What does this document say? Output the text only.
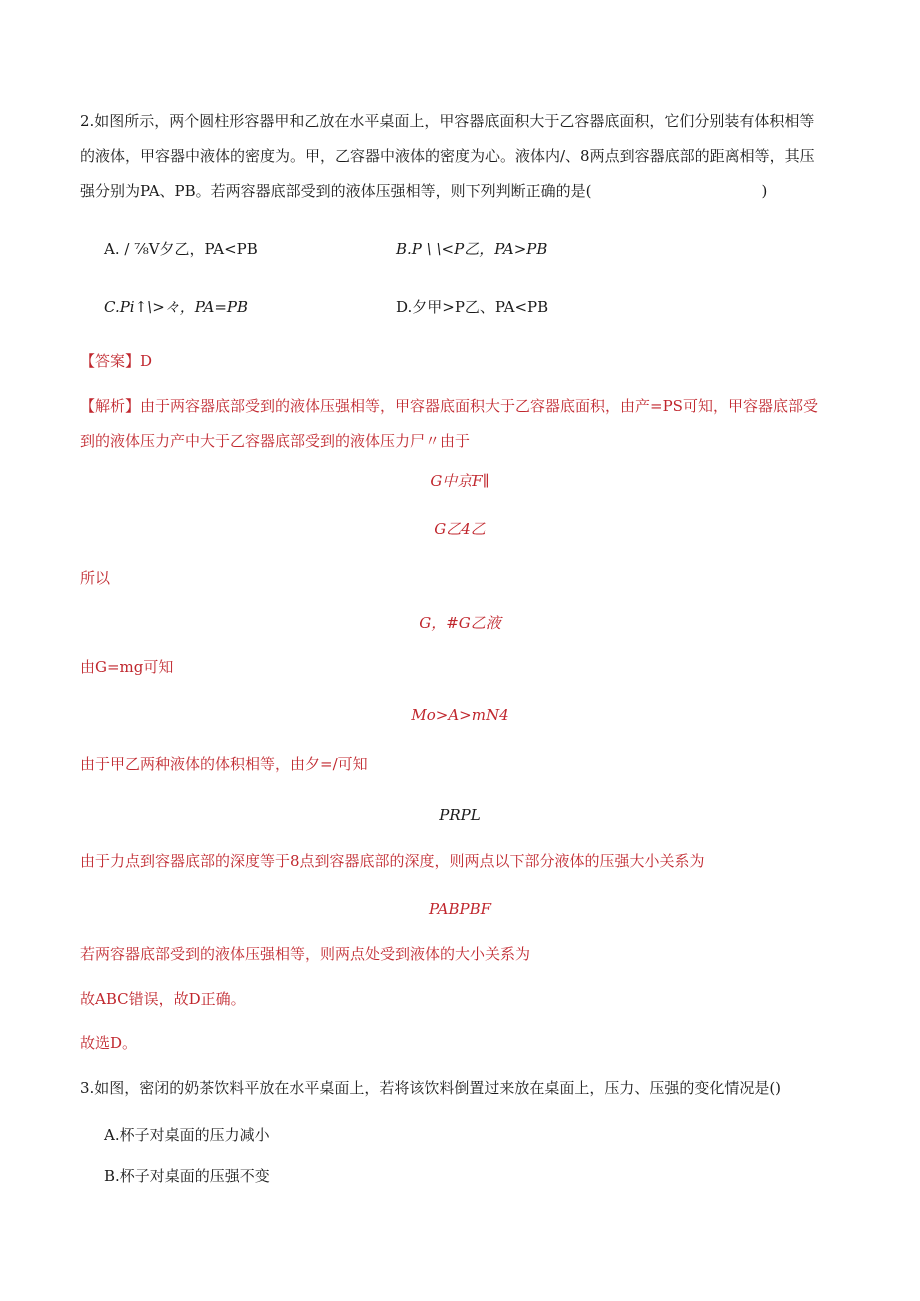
2.如图所示，两个圆柱形容器甲和乙放在水平桌面上，甲容器底面积大于乙容器底面积，它们分别装有体积相等
的液体，甲容器中液体的密度为。甲，乙容器中液体的密度为心。液体内/、8两点到容器底部的距离相等，其压
强分别为PA、PB。若两容器底部受到的液体压强相等，则下列判断正确的是(	)
A. / ⅞V夕乙，PA<PB	B.P \ \<P乙，PA>PB
C.Pi↑\>々，PA=PB	D.夕甲>P乙、PA<PB
【答案】D
【解析】由于两容器底部受到的液体压强相等，甲容器底面积大于乙容器底面积，由产=PS可知，甲容器底部受
到的液体压力产中大于乙容器底部受到的液体压力尸〃由于
G中京F∥
G乙4乙
所以
G，#G乙液
由G=mg可知
Mo>A>mN4
由于甲乙两种液体的体积相等，由夕=/可知
PRPL
由于力点到容器底部的深度等于8点到容器底部的深度，则两点以下部分液体的压强大小关系为
PABPBF
若两容器底部受到的液体压强相等，则两点处受到液体的大小关系为
故ABC错误，故D正确。
故选D。
3.如图，密闭的奶茶饮料平放在水平桌面上，若将该饮料倒置过来放在桌面上，压力、压强的变化情况是()
A.杯子对桌面的压力减小
B.杯子对桌面的压强不变
